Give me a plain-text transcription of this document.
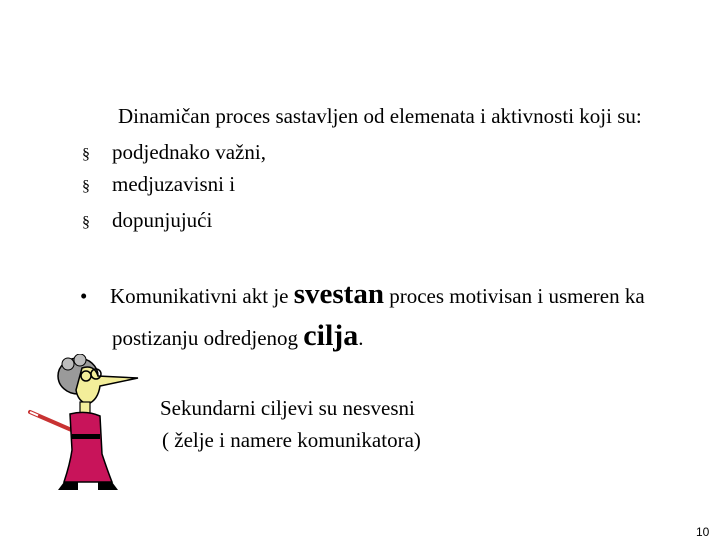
Dinamičan proces sastavljen od elemenata i aktivnosti koji su:
§ podjednako važni,
§ medjuzavisni i
§ dopunjujući
• Komunikativni akt je svestan proces motivisan i usmeren ka
postizanju odredjenog cilja.
Sekundarni ciljevi su nesvesni
( želje i namere komunikatora)
10
